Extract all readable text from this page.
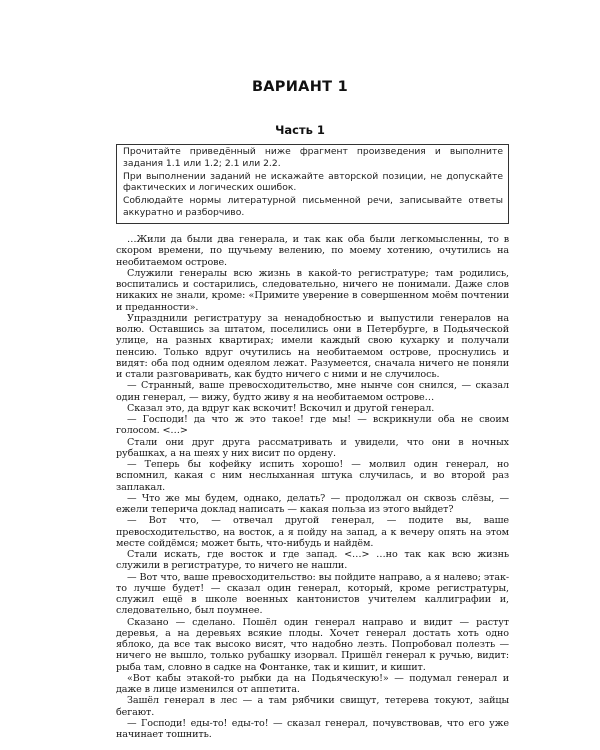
ВАРИАНТ 1
Часть 1

Прочитайте приведённый ниже фрагмент произведения и выполните задания 1.1 или 1.2; 2.1 или 2.2.

При выполнении заданий не искажайте авторской позиции, не допускайте фактических и логических ошибок.

Соблюдайте нормы литературной письменной речи, записывайте ответы аккуратно и разборчиво.

…Жили да были два генерала, и так как оба были легкомысленны, то в скором времени, по щучьему велению, по моему хотению, очутились на необитаемом острове.

Служили генералы всю жизнь в какой-то регистратуре; там родились, воспитались и состарились, следовательно, ничего не понимали. Даже слов никаких не знали, кроме: «Примите уверение в совершенном моём почтении и преданности».

Упразднили регистратуру за ненадобностью и выпустили генералов на волю. Оставшись за штатом, поселились они в Петербурге, в Подьяческой улице, на разных квартирах; имели каждый свою кухарку и получали пенсию. Только вдруг очутились на необитаемом острове, проснулись и видят: оба под одним одеялом лежат. Разумеется, сначала ничего не поняли и стали разговаривать, как будто ничего с ними и не случилось.

— Странный, ваше превосходительство, мне нынче сон снился, — сказал один генерал, — вижу, будто живу я на необитаемом острове…

Сказал это, да вдруг как вскочит! Вскочил и другой генерал.

— Господи! да что ж это такое! где мы! — вскрикнули оба не своим голосом. <…>

Стали они друг друга рассматривать и увидели, что они в ночных рубашках, а на шеях у них висит по ордену.

— Теперь бы кофейку испить хорошо! — молвил один генерал, но вспомнил, какая с ним неслыханная штука случилась, и во второй раз заплакал.

— Что же мы будем, однако, делать? — продолжал он сквозь слёзы, — ежели теперича доклад написать — какая польза из этого выйдет?

— Вот что, — отвечал другой генерал, — подите вы, ваше превосходительство, на восток, а я пойду на запад, а к вечеру опять на этом месте сойдёмся; может быть, что-нибудь и найдём.

Стали искать, где восток и где запад. <…> …но так как всю жизнь служили в регистратуре, то ничего не нашли.

— Вот что, ваше превосходительство: вы пойдите направо, а я налево; этак-то лучше будет! — сказал один генерал, который, кроме регистратуры, служил ещё в школе военных кантонистов учителем каллиграфии и, следовательно, был поумнее.

Сказано — сделано. Пошёл один генерал направо и видит — растут деревья, а на деревьях всякие плоды. Хочет генерал достать хоть одно яблоко, да все так высоко висят, что надобно лезть. Попробовал полезть — ничего не вышло, только рубашку изорвал. Пришёл генерал к ручью, видит: рыба там, словно в садке на Фонтанке, так и кишит, и кишит.

«Вот кабы этакой-то рыбки да на Подьяческую!» — подумал генерал и даже в лице изменился от аппетита.

Зашёл генерал в лес — а там рябчики свищут, тетерева токуют, зайцы бегают.

— Господи! еды-то! еды-то! — сказал генерал, почувствовав, что его уже начинает тошнить.
